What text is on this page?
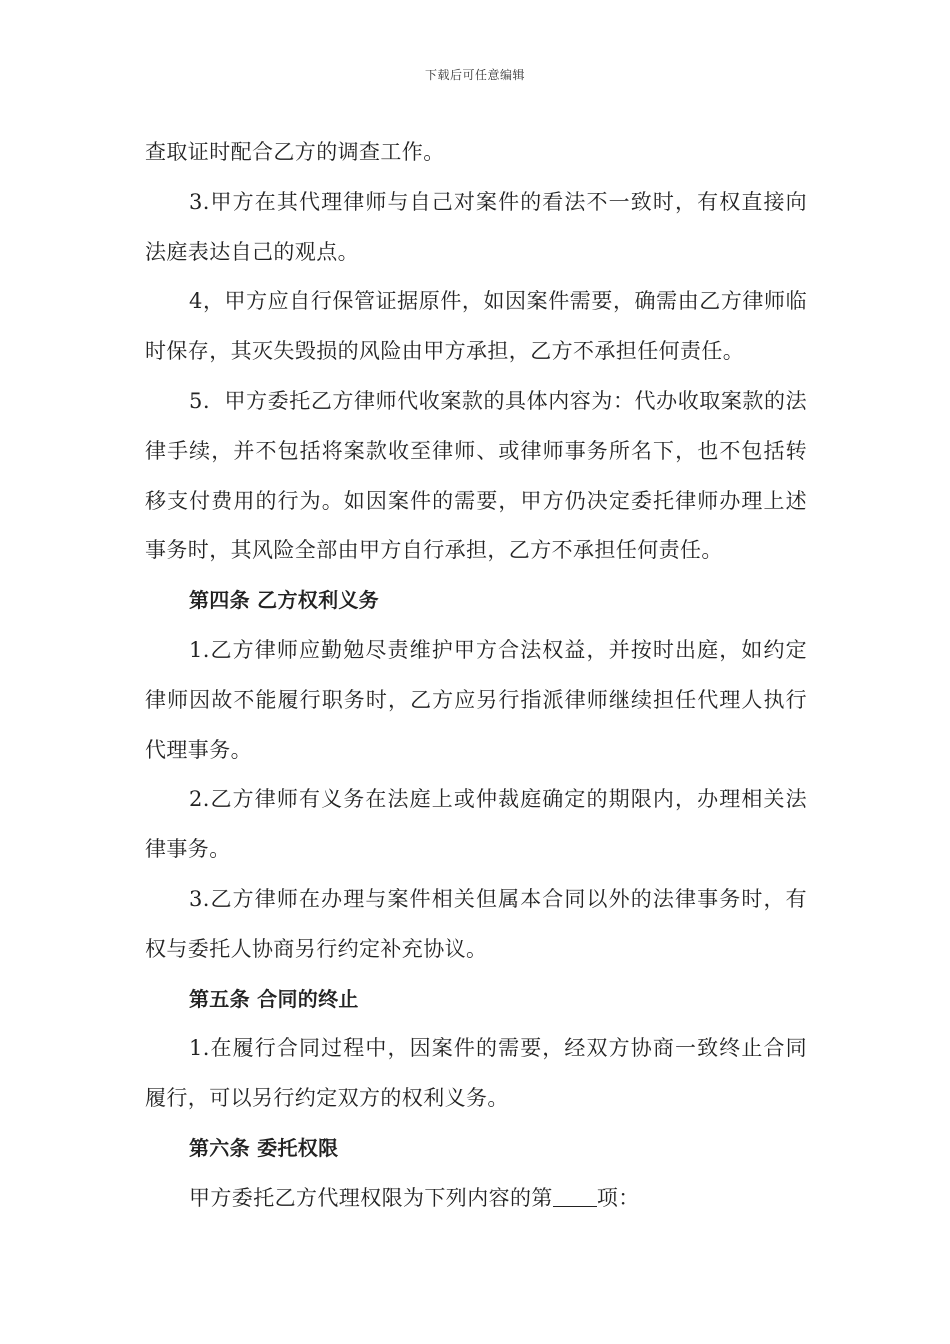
下载后可任意编辑

查取证时配合乙方的调查工作。

3.甲方在其代理律师与自己对案件的看法不一致时，有权直接向法庭表达自己的观点。

4，甲方应自行保管证据原件，如因案件需要，确需由乙方律师临时保存，其灭失毁损的风险由甲方承担，乙方不承担任何责任。

5．甲方委托乙方律师代收案款的具体内容为：代办收取案款的法律手续，并不包括将案款收至律师、或律师事务所名下，也不包括转移支付费用的行为。如因案件的需要，甲方仍决定委托律师办理上述事务时，其风险全部由甲方自行承担，乙方不承担任何责任。

第四条 乙方权利义务

1.乙方律师应勤勉尽责维护甲方合法权益，并按时出庭，如约定律师因故不能履行职务时，乙方应另行指派律师继续担任代理人执行代理事务。

2.乙方律师有义务在法庭上或仲裁庭确定的期限内，办理相关法律事务。

3.乙方律师在办理与案件相关但属本合同以外的法律事务时，有权与委托人协商另行约定补充协议。

第五条 合同的终止

1.在履行合同过程中，因案件的需要，经双方协商一致终止合同履行，可以另行约定双方的权利义务。

第六条 委托权限

甲方委托乙方代理权限为下列内容的第 项：
